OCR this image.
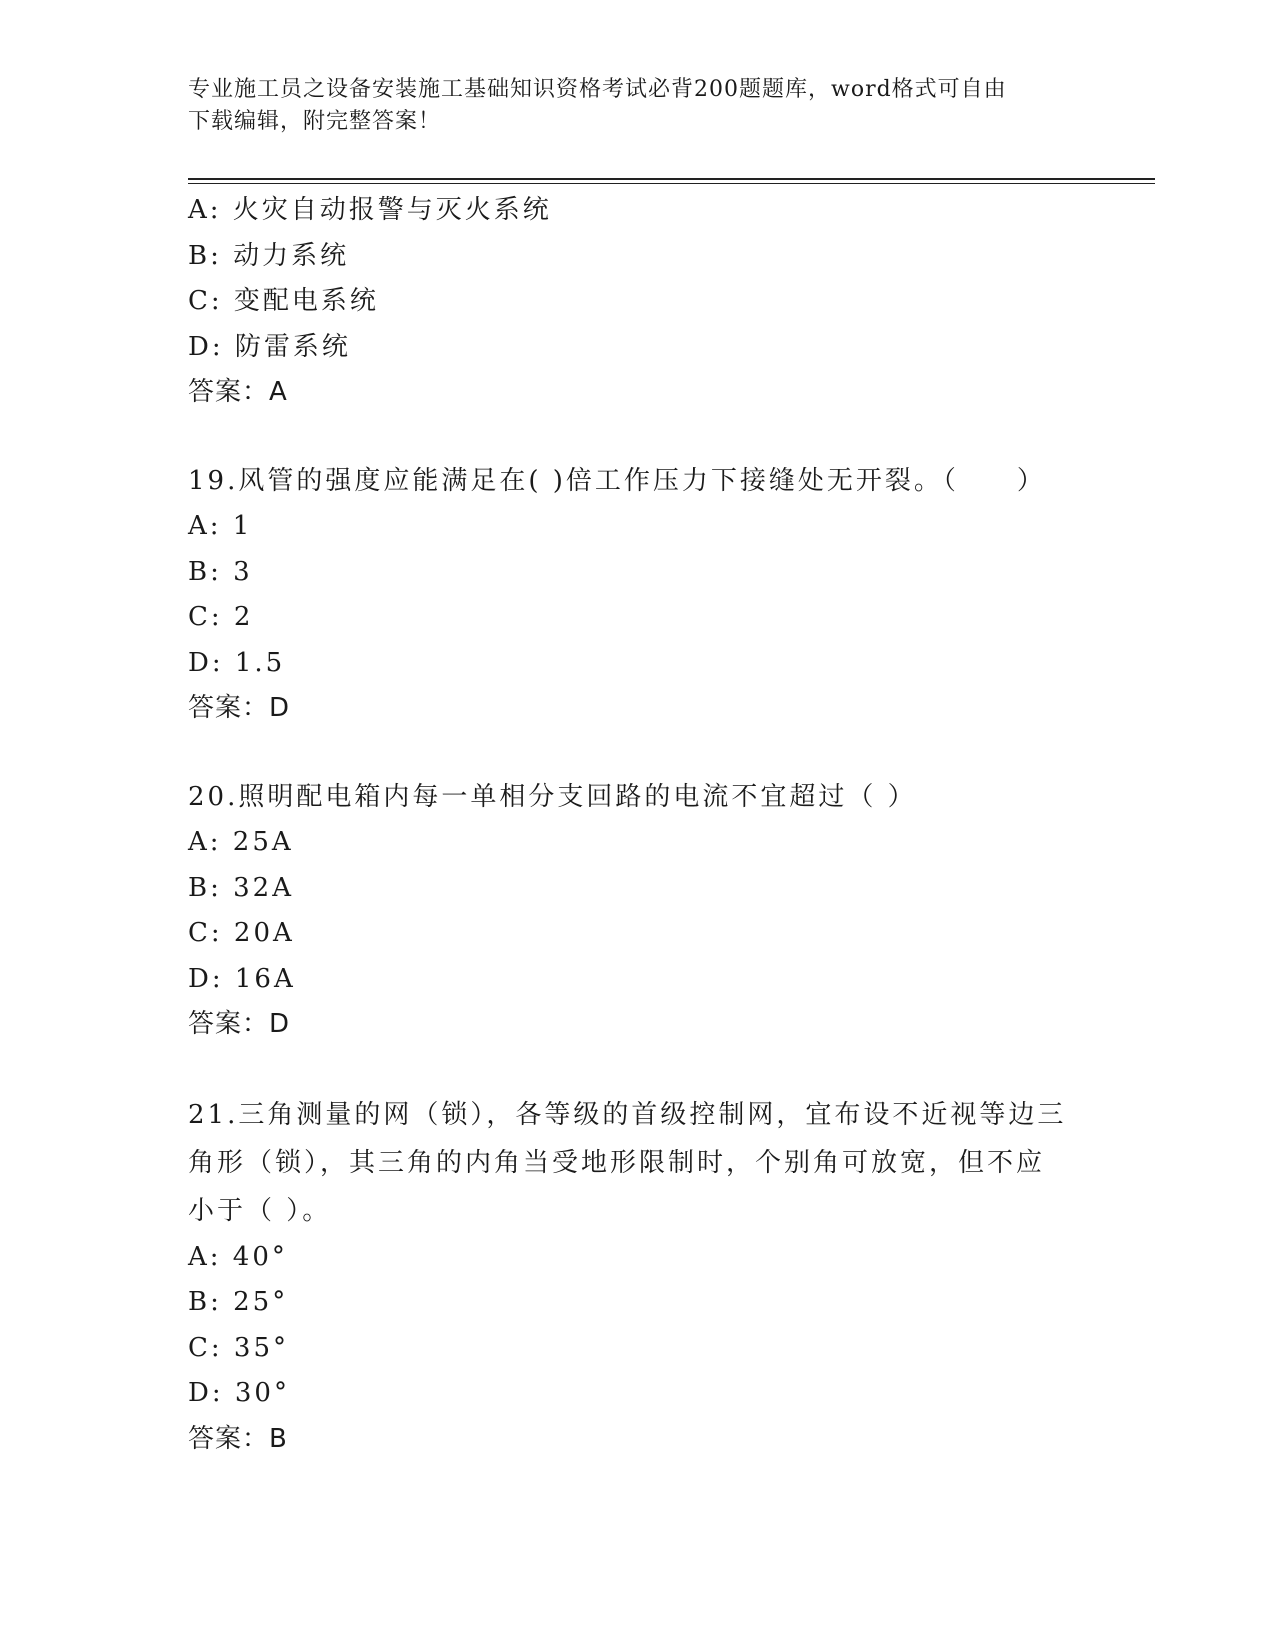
专业施工员之设备安装施工基础知识资格考试必背200题题库，word格式可自由
下载编辑，附完整答案！
A: 火灾自动报警与灭火系统
B: 动力系统
C: 变配电系统
D: 防雷系统
答案：A
19.风管的强度应能满足在( )倍工作压力下接缝处无开裂。（　　）
A: 1
B: 3
C: 2
D: 1.5
答案：D
20.照明配电箱内每一单相分支回路的电流不宜超过（ ）
A: 25A
B: 32A
C: 20A
D: 16A
答案：D
21.三角测量的网（锁），各等级的首级控制网，宜布设不近视等边三
角形（锁），其三角的内角当受地形限制时，个别角可放宽，但不应
小于（ ）。
A: 40°
B: 25°
C: 35°
D: 30°
答案：B
